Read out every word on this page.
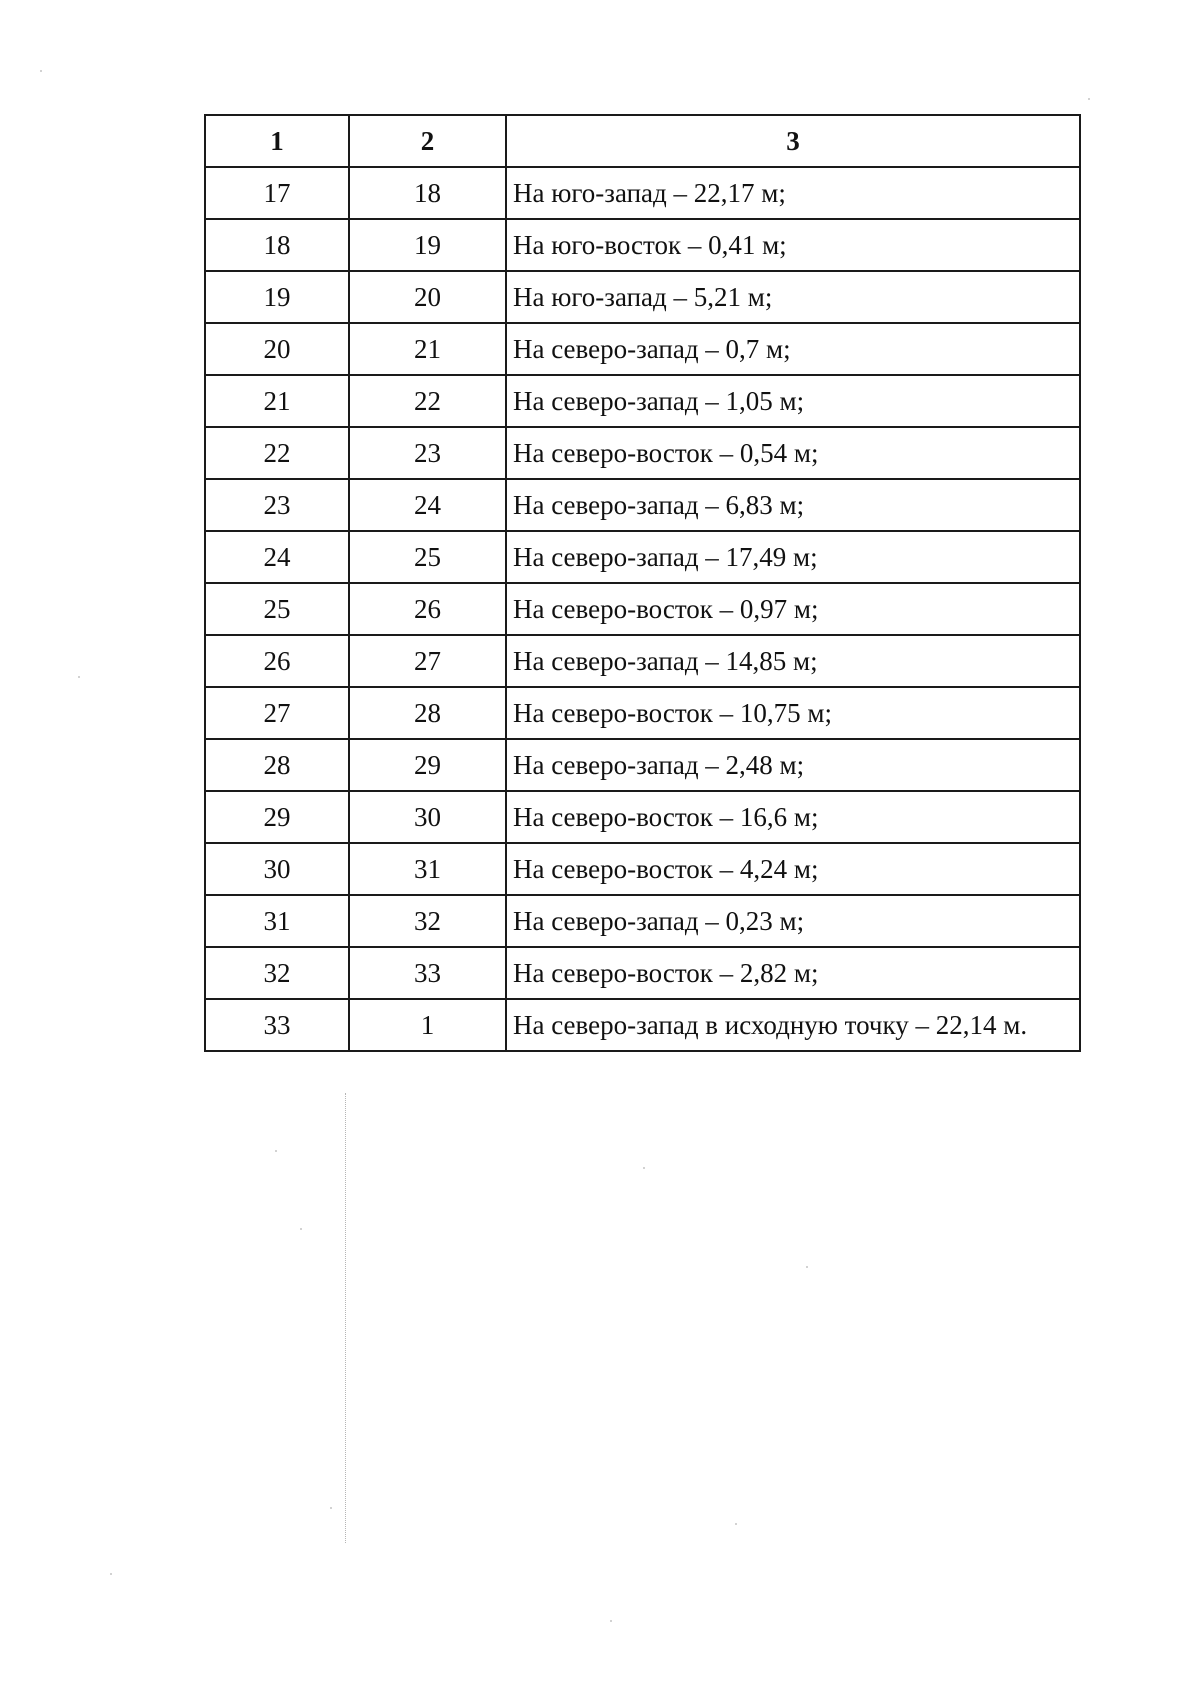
1	2	3
17	18	На юго-запад – 22,17 м;
18	19	На юго-восток – 0,41 м;
19	20	На юго-запад – 5,21 м;
20	21	На северо-запад – 0,7 м;
21	22	На северо-запад – 1,05 м;
22	23	На северо-восток – 0,54 м;
23	24	На северо-запад – 6,83 м;
24	25	На северо-запад – 17,49 м;
25	26	На северо-восток – 0,97 м;
26	27	На северо-запад – 14,85 м;
27	28	На северо-восток – 10,75 м;
28	29	На северо-запад – 2,48 м;
29	30	На северо-восток – 16,6 м;
30	31	На северо-восток – 4,24 м;
31	32	На северо-запад – 0,23 м;
32	33	На северо-восток – 2,82 м;
33	1	На северо-запад в исходную точку – 22,14 м.
